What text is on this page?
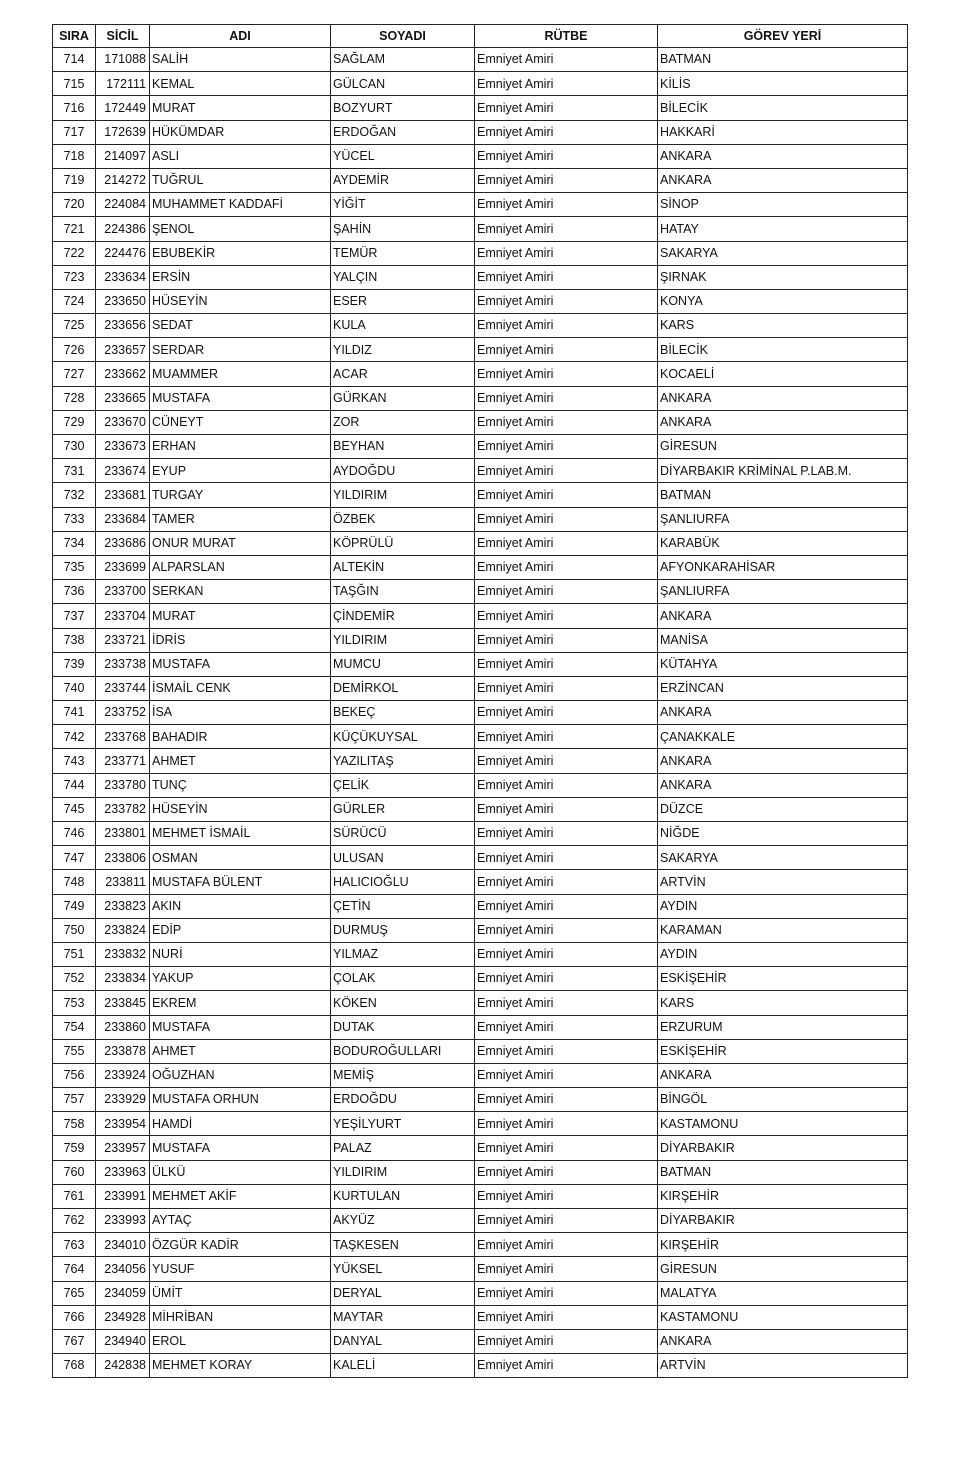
SIRA	SİCİL	ADI	SOYADI	RÜTBE	GÖREV YERİ
714	171088	SALİH	SAĞLAM	Emniyet Amiri	BATMAN
715	172111	KEMAL	GÜLCAN	Emniyet Amiri	KİLİS
716	172449	MURAT	BOZYURT	Emniyet Amiri	BİLECİK
717	172639	HÜKÜMDAR	ERDOĞAN	Emniyet Amiri	HAKKARİ
718	214097	ASLI	YÜCEL	Emniyet Amiri	ANKARA
719	214272	TUĞRUL	AYDEMİR	Emniyet Amiri	ANKARA
720	224084	MUHAMMET KADDAFİ	YİĞİT	Emniyet Amiri	SİNOP
721	224386	ŞENOL	ŞAHİN	Emniyet Amiri	HATAY
722	224476	EBUBEKİR	TEMÜR	Emniyet Amiri	SAKARYA
723	233634	ERSİN	YALÇIN	Emniyet Amiri	ŞIRNAK
724	233650	HÜSEYİN	ESER	Emniyet Amiri	KONYA
725	233656	SEDAT	KULA	Emniyet Amiri	KARS
726	233657	SERDAR	YILDIZ	Emniyet Amiri	BİLECİK
727	233662	MUAMMER	ACAR	Emniyet Amiri	KOCAELİ
728	233665	MUSTAFA	GÜRKAN	Emniyet Amiri	ANKARA
729	233670	CÜNEYT	ZOR	Emniyet Amiri	ANKARA
730	233673	ERHAN	BEYHAN	Emniyet Amiri	GİRESUN
731	233674	EYUP	AYDOĞDU	Emniyet Amiri	DİYARBAKIR KRİMİNAL P.LAB.M.
732	233681	TURGAY	YILDIRIM	Emniyet Amiri	BATMAN
733	233684	TAMER	ÖZBEK	Emniyet Amiri	ŞANLIURFA
734	233686	ONUR MURAT	KÖPRÜLÜ	Emniyet Amiri	KARABÜK
735	233699	ALPARSLAN	ALTEKİN	Emniyet Amiri	AFYONKARAHİSAR
736	233700	SERKAN	TAŞĞIN	Emniyet Amiri	ŞANLIURFA
737	233704	MURAT	ÇİNDEMİR	Emniyet Amiri	ANKARA
738	233721	İDRİS	YILDIRIM	Emniyet Amiri	MANİSA
739	233738	MUSTAFA	MUMCU	Emniyet Amiri	KÜTAHYA
740	233744	İSMAİL CENK	DEMİRKOL	Emniyet Amiri	ERZİNCAN
741	233752	İSA	BEKEÇ	Emniyet Amiri	ANKARA
742	233768	BAHADIR	KÜÇÜKUYSAL	Emniyet Amiri	ÇANAKKALE
743	233771	AHMET	YAZILITAŞ	Emniyet Amiri	ANKARA
744	233780	TUNÇ	ÇELİK	Emniyet Amiri	ANKARA
745	233782	HÜSEYİN	GÜRLER	Emniyet Amiri	DÜZCE
746	233801	MEHMET İSMAİL	SÜRÜCÜ	Emniyet Amiri	NİĞDE
747	233806	OSMAN	ULUSAN	Emniyet Amiri	SAKARYA
748	233811	MUSTAFA BÜLENT	HALICIOĞLU	Emniyet Amiri	ARTVİN
749	233823	AKIN	ÇETİN	Emniyet Amiri	AYDIN
750	233824	EDİP	DURMUŞ	Emniyet Amiri	KARAMAN
751	233832	NURİ	YILMAZ	Emniyet Amiri	AYDIN
752	233834	YAKUP	ÇOLAK	Emniyet Amiri	ESKİŞEHİR
753	233845	EKREM	KÖKEN	Emniyet Amiri	KARS
754	233860	MUSTAFA	DUTAK	Emniyet Amiri	ERZURUM
755	233878	AHMET	BODUROĞULLARI	Emniyet Amiri	ESKİŞEHİR
756	233924	OĞUZHAN	MEMİŞ	Emniyet Amiri	ANKARA
757	233929	MUSTAFA ORHUN	ERDOĞDU	Emniyet Amiri	BİNGÖL
758	233954	HAMDİ	YEŞİLYURT	Emniyet Amiri	KASTAMONU
759	233957	MUSTAFA	PALAZ	Emniyet Amiri	DİYARBAKIR
760	233963	ÜLKÜ	YILDIRIM	Emniyet Amiri	BATMAN
761	233991	MEHMET AKİF	KURTULAN	Emniyet Amiri	KIRŞEHİR
762	233993	AYTAÇ	AKYÜZ	Emniyet Amiri	DİYARBAKIR
763	234010	ÖZGÜR KADİR	TAŞKESEN	Emniyet Amiri	KIRŞEHİR
764	234056	YUSUF	YÜKSEL	Emniyet Amiri	GİRESUN
765	234059	ÜMİT	DERYAL	Emniyet Amiri	MALATYA
766	234928	MİHRİBAN	MAYTAR	Emniyet Amiri	KASTAMONU
767	234940	EROL	DANYAL	Emniyet Amiri	ANKARA
768	242838	MEHMET KORAY	KALELİ	Emniyet Amiri	ARTVİN
